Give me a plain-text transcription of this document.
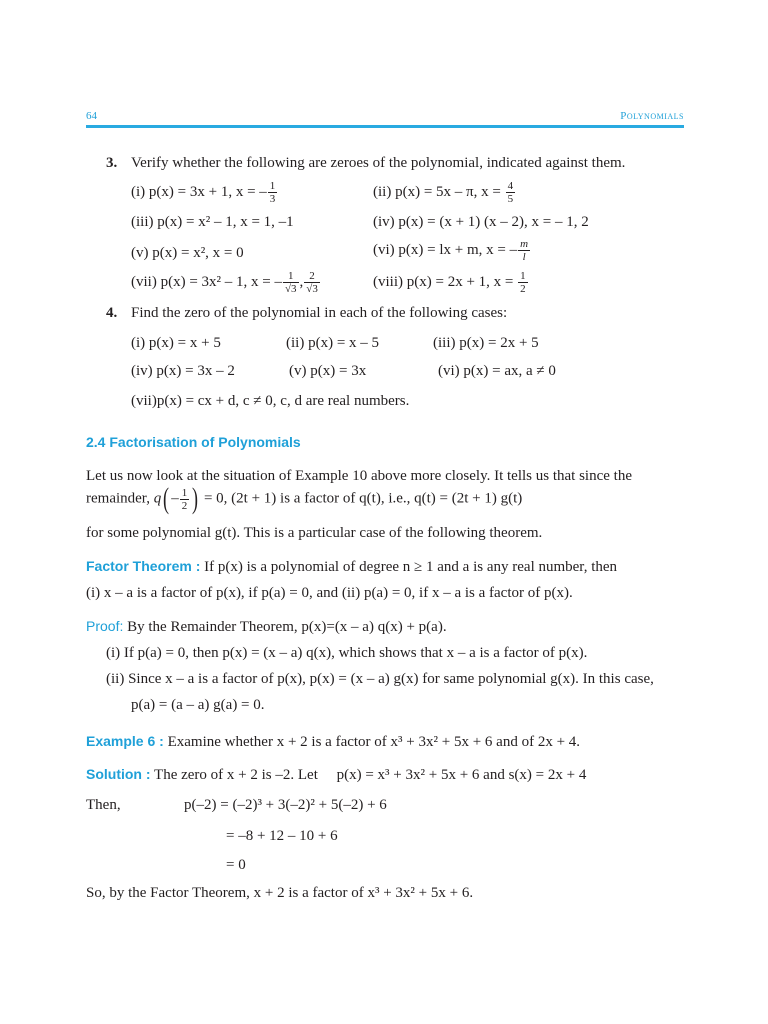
64	Polynomials
3. Verify whether the following are zeroes of the polynomial, indicated against them.
(i) p(x) = 3x + 1, x = – $\frac{1}{3}$	(ii) p(x) = 5x – π, $x = \frac{4}{5}$
(iii) p(x) = x² – 1, x = 1, –1	(iv) p(x) = (x + 1) (x – 2), x = – 1, 2
(v) p(x) = x², x = 0	(vi) p(x) = lx + m, x = – $\frac{m}{l}$
(vii) p(x) = 3x² – 1, x = – $\frac{1}{√3}$ , $\frac{2}{√3}$	(viii) p(x) = 2x + 1, $x = \frac{1}{2}$
4. Find the zero of the polynomial in each of the following cases:
(i) p(x) = x + 5	(ii) p(x) = x – 5	(iii) p(x) = 2x + 5
(iv) p(x) = 3x – 2	(v) p(x) = 3x	(vi) p(x) = ax, a ≠ 0
(vii)p(x) = cx + d, c ≠ 0, c, d are real numbers.
2.4 Factorisation of Polynomials
Let us now look at the situation of Example 10 above more closely. It tells us that since the
remainder, $q( - \frac{1}{2}$ ) = 0, (2t + 1) is a factor of q(t), i.e., q(t) = (2t + 1) g(t)
for some polynomial g(t). This is a particular case of the following theorem.
Factor Theorem : If p(x) is a polynomial of degree n ≥ 1 and a is any real number, then
(i) x – a is a factor of p(x), if p(a) = 0, and (ii) p(a) = 0, if x – a is a factor of p(x).
Proof: By the Remainder Theorem, p(x)=(x – a) q(x) + p(a).
(i) If p(a) = 0, then p(x) = (x – a) q(x), which shows that x – a is a factor of p(x).
(ii) Since x – a is a factor of p(x), p(x) = (x – a) g(x) for same polynomial g(x). In this case,
p(a) = (a – a) g(a) = 0.
Example 6 : Examine whether x + 2 is a factor of x³ + 3x² + 5x + 6 and of 2x + 4.
Solution : The zero of x + 2 is –2. Let     p(x) = x³ + 3x² + 5x + 6 and s(x) = 2x + 4
Then,	p(–2) = (–2)³ + 3(–2)² + 5(–2) + 6
= –8 + 12 – 10 + 6
= 0
So, by the Factor Theorem, x + 2 is a factor of x³ + 3x² + 5x + 6.
